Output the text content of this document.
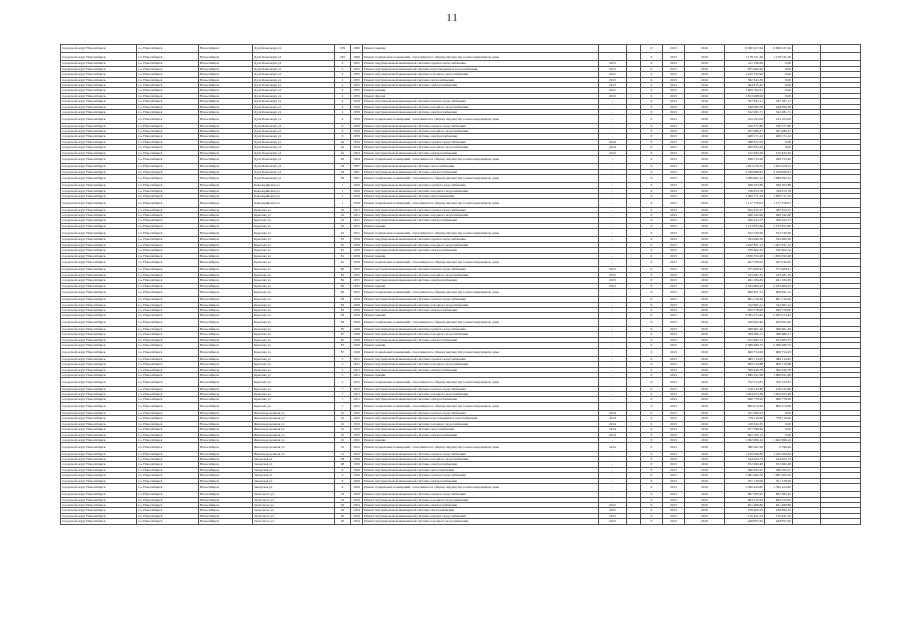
11
городской округ Новосибирск	г.о. Новосибирск	Новосибирск	Дуси Ковальчук ул	185	1996	Ремонт крыши			0	2015	2016	6 090 227,64	6 090 227,64		
городской округ Новосибирск	г.о. Новосибирск	Новосибирск	Дуси Ковальчук ул	185	1996	Ремонт подвальных помещений, относящихся к общему имуществу в многоквартирном доме			0	2015	2016	1 178 531,20	1 178 531,20		
городской округ Новосибирск	г.о. Новосибирск	Новосибирск	Дуси Ковальчук ул	2	1955	Ремонт внутридомовой инженерной системы горячего водоснабжения	2015		0	2015	2016	411 556,64	0,00		
городской округ Новосибирск	г.о. Новосибирск	Новосибирск	Дуси Ковальчук ул	2	1955	Ремонт внутридомовой инженерной системы водоотведения и водоснабжения	2015		0	2015	2016	875 466,46	0,00		
городской округ Новосибирск	г.о. Новосибирск	Новосибирск	Дуси Ковальчук ул	2	1955	Ремонт внутридомовой инженерной системы холодного водоснабжения	2015		0	2015	2016	1 245 355,90	0,00		
городской округ Новосибирск	г.о. Новосибирск	Новосибирск	Дуси Ковальчук ул	2	1955	Ремонт внутридомовой инженерной системы теплоснабжения	2015		0	2015	2016	382 343,30	0,00		
городской округ Новосибирск	г.о. Новосибирск	Новосибирск	Дуси Ковальчук ул	2	1955	Ремонт внутридомовой инженерной системы электроснабжения	2015		0	2015	2016	564 815,45	0,00		
городской округ Новосибирск	г.о. Новосибирск	Новосибирск	Дуси Ковальчук ул	2	1955	Ремонт крыши	2015		0	2015	2016	1 609 764,21	0,00		
городской округ Новосибирск	г.о. Новосибирск	Новосибирск	Дуси Ковальчук ул	2	1955	Ремонт фасада	2015		0	2015	2016	1 813 968,02	0,00		
городской округ Новосибирск	г.о. Новосибирск	Новосибирск	Дуси Ковальчук ул	4	1959	Ремонт внутридомовой инженерной системы горячего водоснабжения	-		0	2015	2016	537 631,11	537 631,11		
городской округ Новосибирск	г.о. Новосибирск	Новосибирск	Дуси Ковальчук ул	4	1959	Ремонт внутридомовой инженерной системы холодного водоснабжения	-		0	2015	2016	448 990,58	448 990,58		
городской округ Новосибирск	г.о. Новосибирск	Новосибирск	Дуси Ковальчук ул	4	1959	Ремонт внутридомовой инженерной системы электроснабжения	-		0	2015	2016	542 281,71	542 281,71		
городской округ Новосибирск	г.о. Новосибирск	Новосибирск	Дуси Ковальчук ул	4	1959	Ремонт подвальных помещений, относящихся к общему имуществу в многоквартирном доме	-		0	2015	2016	194 163,04	194 163,04		
городской округ Новосибирск	г.о. Новосибирск	Новосибирск	Дуси Ковальчук ул	6	1959	Ремонт внутридомовой инженерной системы горячего водоснабжения	-		0	2015	2016	526 377,80	526 377,80		
городской округ Новосибирск	г.о. Новосибирск	Новосибирск	Дуси Ковальчук ул	6	1959	Ремонт внутридомовой инженерной системы холодного водоснабжения	-		0	2015	2016	367 089,37	367 089,37		
городской округ Новосибирск	г.о. Новосибирск	Новосибирск	Дуси Ковальчук ул	6	1959	Ремонт внутридомовой инженерной системы электроснабжения	-		0	2015	2016	468 171,22	468 171,22		
городской округ Новосибирск	г.о. Новосибирск	Новосибирск	Дуси Ковальчук ул	6а	1954	Ремонт внутридомовой инженерной системы горячего водоснабжения	2014		0	2015	2016	388 672,55	0,00		
городской округ Новосибирск	г.о. Новосибирск	Новосибирск	Дуси Ковальчук ул	6а	1954	Ремонт внутридомовой инженерной системы холодного водоснабжения	2014		0	2015	2016	482 812,22	0,00		
городской округ Новосибирск	г.о. Новосибирск	Новосибирск	Дуси Ковальчук ул	6а	1954	Ремонт внутридомовой инженерной системы электроснабжения	2015		0	2015	2016	315 643,20	315 643,20		
городской округ Новосибирск	г.о. Новосибирск	Новосибирск	Дуси Ковальчук ул	63	1994	Ремонт подвальных помещений, относящихся к общему имуществу в многоквартирном доме	-		0	2015	2016	298 723,20	298 723,20		
городской округ Новосибирск	г.о. Новосибирск	Новосибирск	Дуси Ковальчук ул	63	1997	Ремонт внутридомовой инженерной системы теплоснабжения	-		0	2015	2016	1 203 478,31	1 203 478,31		
городской округ Новосибирск	г.о. Новосибирск	Новосибирск	Дуси Ковальчук ул	63	1997	Ремонт внутридомовой инженерной системы электроснабжения	-		0	2015	2016	4 108 998,81	4 108 998,81		
городской округ Новосибирск	г.о. Новосибирск	Новосибирск	Дуси Ковальчук ул	63	1997	Ремонт подвальных помещений, относящихся к общему имуществу в многоквартирном доме	-		0	2015	2016	1 089 692,12	1 089 692,12		
городской округ Новосибирск	г.о. Новосибирск	Новосибирск	Кавалерийская ул	1	1956	Ремонт внутридомовой инженерной системы горячего водоснабжения	-		0	2015	2016	568 503,89	568 503,89		
городской округ Новосибирск	г.о. Новосибирск	Новосибирск	Кавалерийская ул	1	1956	Ремонт внутридомовой инженерной системы холодного водоснабжения	-		0	2015	2016	748 613,78	748 613,78		
городской округ Новосибирск	г.о. Новосибирск	Новосибирск	Кавалерийская ул	1	1956	Ремонт внутридомовой инженерной системы теплоснабжения	-		0	2015	2016	1 008 771,32	1 008 771,32		
городской округ Новосибирск	г.о. Новосибирск	Новосибирск	Кавалерийская ул	1	1956	Ремонт подвальных помещений, относящихся к общему имуществу в многоквартирном доме	-		0	2015	2016	1 117 378,01	1 117 378,01		
городской округ Новосибирск	г.о. Новосибирск	Новосибирск	Крылова ул	10	1951	Ремонт внутридомовой инженерной системы горячего водоснабжения	-		0	2015	2016	392 452,27	392 452,27		
городской округ Новосибирск	г.о. Новосибирск	Новосибирск	Крылова ул	10	1951	Ремонт внутридомовой инженерной системы холодного водоснабжения	-		0	2015	2016	486 342,90	486 342,90		
городской округ Новосибирск	г.о. Новосибирск	Новосибирск	Крылова ул	10	1951	Ремонт внутридомовой инженерной системы электроснабжения	-		0	2015	2016	366 424,77	366 424,77		
городской округ Новосибирск	г.о. Новосибирск	Новосибирск	Крылова ул	10	1951	Ремонт крыши	-		0	2015	2016	1 123 853,60	1 123 853,60		
городской округ Новосибирск	г.о. Новосибирск	Новосибирск	Крылова ул	10	1951	Ремонт подвальных помещений, относящихся к общему имуществу в многоквартирном доме	-		0	2015	2016	552 530,00	552 530,00		
городской округ Новосибирск	г.о. Новосибирск	Новосибирск	Крылова ул	81	1959	Ремонт внутридомовой инженерной системы горячего водоснабжения	-		0	2015	2016	543 069,30	543 069,30		
городской округ Новосибирск	г.о. Новосибирск	Новосибирск	Крылова ул	81	1959	Ремонт внутридомовой инженерной системы холодного водоснабжения	-		0	2015	2016	1 047 831,12	1 047 831,12		
городской округ Новосибирск	г.о. Новосибирск	Новосибирск	Крылова ул	81	1959	Ремонт внутридомовой инженерной системы электроснабжения	-		0	2015	2016	356 902,32	356 902,32		
городской округ Новосибирск	г.о. Новосибирск	Новосибирск	Крылова ул	81	1959	Ремонт крыши	-		0	2015	2016	1 830 350,48	1 830 350,48		
городской округ Новосибирск	г.о. Новосибирск	Новосибирск	Крылова ул	81	1959	Ремонт подвальных помещений, относящихся к общему имуществу в многоквартирном доме	-		0	2015	2016	927 030,02	927 030,02		
городской округ Новосибирск	г.о. Новосибирск	Новосибирск	Крылова ул	82	1955	Ремонт внутридомовой инженерной системы горячего водоснабжения	2015		0	2015	2016	575 408,41	575 408,41		
городской округ Новосибирск	г.о. Новосибирск	Новосибирск	Крылова ул	82	1955	Ремонт внутридомовой инженерной системы холодного водоснабжения	2015		0	2015	2016	343 281,35	343 281,35		
городской округ Новосибирск	г.о. Новосибирск	Новосибирск	Крылова ул	82	1955	Ремонт внутридомовой инженерной системы электроснабжения	2015		0	2015	2016	461 184,65	461 184,65		
городской округ Новосибирск	г.о. Новосибирск	Новосибирск	Крылова ул	82	1955	Ремонт крыши	2015		0	2015	2016	2 243 606,23	2 243 606,23		
городской округ Новосибирск	г.о. Новосибирск	Новосибирск	Крылова ул	82	1955	Ремонт подвальных помещений, относящихся к общему имуществу в многоквартирном доме	-		0	2015	2016	669 831,31	669 831,31		
городской округ Новосибирск	г.о. Новосибирск	Новосибирск	Крылова ул	83	1959	Ремонт внутридомовой инженерной системы горячего водоснабжения	-		0	2015	2016	861 216,29	861 216,29		
городской округ Новосибирск	г.о. Новосибирск	Новосибирск	Крылова ул	83	1959	Ремонт внутридомовой инженерной системы холодного водоснабжения	-		0	2015	2016	742 667,21	742 667,21		
городской округ Новосибирск	г.о. Новосибирск	Новосибирск	Крылова ул	83	1959	Ремонт внутридомовой инженерной системы электроснабжения	-		0	2015	2016	659 778,00	659 778,00		
городской округ Новосибирск	г.о. Новосибирск	Новосибирск	Крылова ул	83	1959	Ремонт крыши	-		0	2015	2016	2 385 274,42	2 385 274,42		
городской округ Новосибирск	г.о. Новосибирск	Новосибирск	Крылова ул	83	1959	Ремонт подвальных помещений, относящихся к общему имуществу в многоквартирном доме	-		0	2015	2016	639 093,40	639 093,40		
городской округ Новосибирск	г.о. Новосибирск	Новосибирск	Крылова ул	87	1949	Ремонт внутридомовой инженерной системы горячего водоснабжения	-		0	2015	2016	368 661,26	368 661,26		
городской округ Новосибирск	г.о. Новосибирск	Новосибирск	Крылова ул	87	1949	Ремонт внутридомовой инженерной системы холодного водоснабжения	-		0	2015	2016	398 986,11	398 986,11		
городской округ Новосибирск	г.о. Новосибирск	Новосибирск	Крылова ул	87	1949	Ремонт внутридомовой инженерной системы электроснабжения	-		0	2015	2016	672 683,75	672 683,75		
городской округ Новосибирск	г.о. Новосибирск	Новосибирск	Крылова ул	87	1949	Ремонт крыши	-		0	2015	2016	2 388 486,75	2 388 486,75		
городской округ Новосибирск	г.о. Новосибирск	Новосибирск	Крылова ул	87	1949	Ремонт подвальных помещений, относящихся к общему имуществу в многоквартирном доме	-		0	2015	2016	669 754,93	669 754,93		
городской округ Новосибирск	г.о. Новосибирск	Новосибирск	Крылова ул	5	1951	Ремонт внутридомовой инженерной системы горячего водоснабжения	-		0	2015	2016	489 114,95	489 114,95		
городской округ Новосибирск	г.о. Новосибирск	Новосибирск	Крылова ул	5	1951	Ремонт внутридомовой инженерной системы холодного водоснабжения	-		0	2015	2016	808 119,88	808 119,88		
городской округ Новосибирск	г.о. Новосибирск	Новосибирск	Крылова ул	5	1951	Ремонт внутридомовой инженерной системы электроснабжения	-		0	2015	2016	560 636,78	560 636,78		
городской округ Новосибирск	г.о. Новосибирск	Новосибирск	Крылова ул	5	1951	Ремонт крыши	-		0	2015	2016	1 896 611,98	1 896 611,98		
городской округ Новосибирск	г.о. Новосибирск	Новосибирск	Крылова ул	5	1951	Ремонт подвальных помещений, относящихся к общему имуществу в многоквартирном доме	-		0	2015	2016	792 313,81	792 313,81		
городской округ Новосибирск	г.о. Новосибирск	Новосибирск	Крылова ул	7	1951	Ремонт внутридомовой инженерной системы горячего водоснабжения	-		0	2015	2016	418 132,80	418 132,80		
городской округ Новосибирск	г.о. Новосибирск	Новосибирск	Крылова ул	7	1951	Ремонт внутридомовой инженерной системы холодного водоснабжения	-		0	2015	2016	1 064 053,48	1 064 053,48		
городской округ Новосибирск	г.о. Новосибирск	Новосибирск	Крылова ул	7	1951	Ремонт внутридомовой инженерной системы электроснабжения	-		0	2015	2016	960 778,20	960 778,20		
городской округ Новосибирск	г.о. Новосибирск	Новосибирск	Крылова ул	7	1951	Ремонт подвальных помещений, относящихся к общему имуществу в многоквартирном доме	-		0	2015	2016	860 474,96	860 474,96		
городской округ Новосибирск	г.о. Новосибирск	Новосибирск	Железнодорожная ул	10	1952	Ремонт внутридомовой инженерной системы горячего водоснабжения	2014		0	2015	2016	167 460,23	0,00		
городской округ Новосибирск	г.о. Новосибирск	Новосибирск	Железнодорожная ул	10	1952	Ремонт внутридомовой инженерной системы водоотведения и водоснабжения	2014		0	2015	2016	778 110,00	778 110,00		
городской округ Новосибирск	г.о. Новосибирск	Новосибирск	Железнодорожная ул	10	1952	Ремонт внутридомовой инженерной системы холодного водоснабжения	2014		0	2015	2016	128 262,65	0,00		
городской округ Новосибирск	г.о. Новосибирск	Новосибирск	Железнодорожная ул	10	1952	Ремонт внутридомовой инженерной системы теплоснабжения	2014		0	2015	2016	877 586,66	0,00		
городской округ Новосибирск	г.о. Новосибирск	Новосибирск	Железнодорожная ул	10	1952	Ремонт внутридомовой инженерной системы электроснабжения	2014		0	2015	2016	602 165,12	0,00		
городской округ Новосибирск	г.о. Новосибирск	Новосибирск	Железнодорожная ул	10	1952	Ремонт крыши	-		0	2015	2016	1 062 996,16	1 062 996,16		
городской округ Новосибирск	г.о. Новосибирск	Новосибирск	Железнодорожная ул	10	1952	Ремонт подвальных помещений, относящихся к общему имуществу в многоквартирном доме	2014		0	2015	2016	380 302,26	2 796,94		
городской округ Новосибирск	г.о. Новосибирск	Новосибирск	Железнодорожная ул	12	1952	Ремонт внутридомовой инженерной системы горячего водоснабжения	-		0	2015	2016	1 229 206,84	1 229 206,84		
городской округ Новосибирск	г.о. Новосибирск	Новосибирск	Заводская ул	48	1956	Ремонт внутридомовой инженерной системы холодного водоснабжения	-		0	2015	2016	544 654,74	544 654,74		
городской округ Новосибирск	г.о. Новосибирск	Новосибирск	Заводская ул	48	1956	Ремонт внутридомовой инженерной системы электроснабжения	-		0	2015	2016	672 060,48	672 060,48		
городской округ Новосибирск	г.о. Новосибирск	Новосибирск	Заводская ул	9	1956	Ремонт внутридомовой инженерной системы теплоснабжения	-		0	2015	2016	396 263,27	396 263,27		
городской округ Новосибирск	г.о. Новосибирск	Новосибирск	Заводская ул	9	1956	Ремонт внутридомовой инженерной системы горячего водоснабжения	-		0	2015	2016	1 081 400,56	1 081 400,56		
городской округ Новосибирск	г.о. Новосибирск	Новосибирск	Заводская ул	9	1956	Ремонт внутридомовой инженерной системы электроснабжения	-		0	2015	2016	701 178,00	701 178,00		
городской округ Новосибирск	г.о. Новосибирск	Новосибирск	Заводская ул	9	1956	Ремонт подвальных помещений, относящихся к общему имуществу в многоквартирном доме	-		0	2015	2016	1 390 424,82	1 390 424,82		
городской округ Новосибирск	г.о. Новосибирск	Новосибирск	Залесского ул	16	1956	Ремонт внутридомовой инженерной системы горячего водоснабжения	-		0	2015	2016	897 383,45	897 383,45		
городской округ Новосибирск	г.о. Новосибирск	Новосибирск	Залесского ул	16	1956	Ремонт внутридомовой инженерной системы холодного водоснабжения	-		0	2015	2016	983 570,95	983 570,95		
городской округ Новосибирск	г.о. Новосибирск	Новосибирск	Залесского ул	20	1954	Ремонт внутридомовой инженерной системы электроснабжения	2015		0	2015	2016	651 468,80	651 468,80		
городской округ Новосибирск	г.о. Новосибирск	Новосибирск	Залесского ул	20	1954	Ремонт внутридомовой инженерной системы теплоснабжения	2015		0	2015	2016	238 660,33	238 660,33		
городской округ Новосибирск	г.о. Новосибирск	Новосибирск	Залесского ул	20	1954	Ремонт внутридомовой инженерной системы горячего водоснабжения	2015		0	2015	2016	176 441,52	176 441,52		
городской округ Новосибирск	г.о. Новосибирск	Новосибирск	Залесского ул	20	1954	Ремонт внутридомовой инженерной системы холодного водоснабжения	2015		0	2015	2016	448 857,62	448 857,62		
